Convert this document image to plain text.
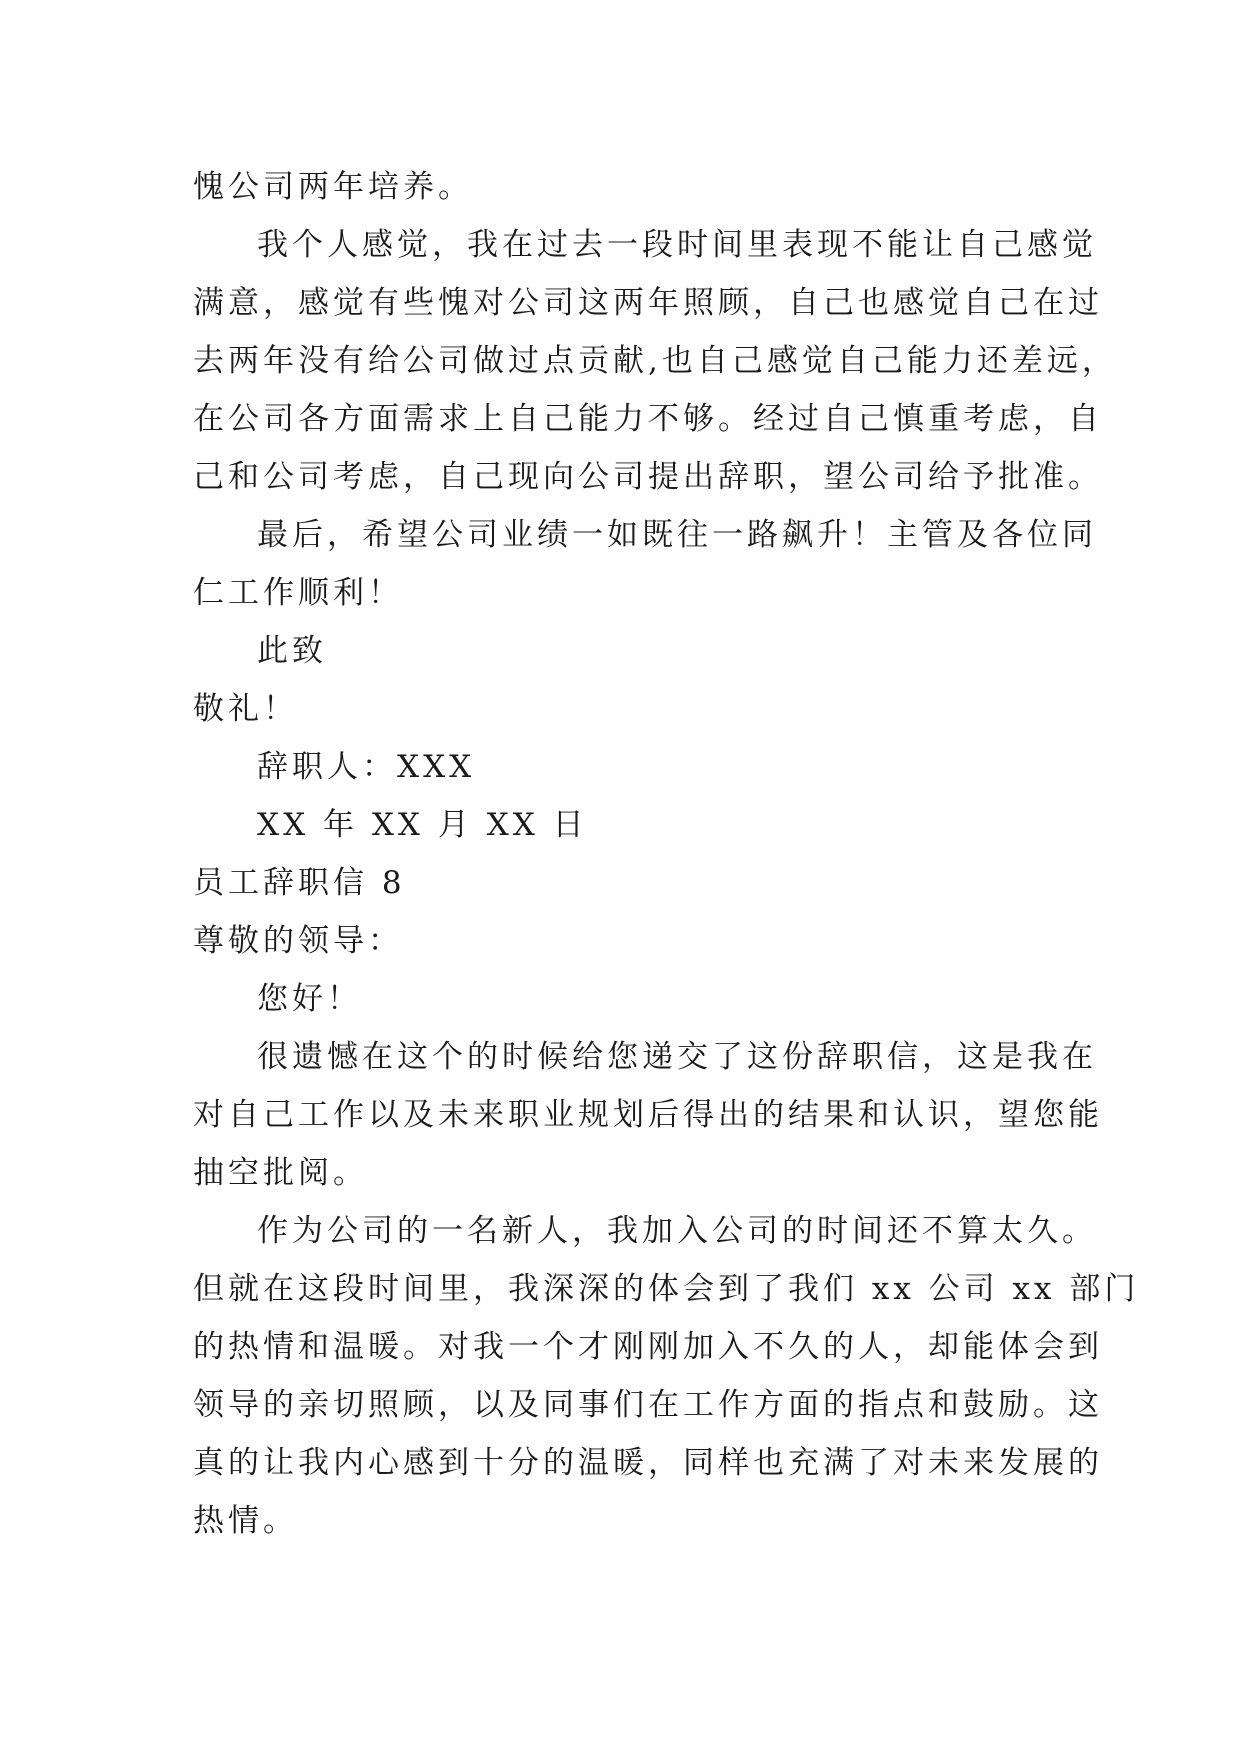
愧公司两年培养。
我个人感觉，我在过去一段时间里表现不能让自己感觉
满意，感觉有些愧对公司这两年照顾，自己也感觉自己在过
去两年没有给公司做过点贡献,也自己感觉自己能力还差远，
在公司各方面需求上自己能力不够。经过自己慎重考虑，自
己和公司考虑，自己现向公司提出辞职，望公司给予批准。
最后，希望公司业绩一如既往一路飙升！主管及各位同
仁工作顺利！
此致
敬礼！
辞职人：XXX
XX 年 XX 月 XX 日
员工辞职信 8
尊敬的领导：
您好！
很遗憾在这个的时候给您递交了这份辞职信，这是我在
对自己工作以及未来职业规划后得出的结果和认识，望您能
抽空批阅。
作为公司的一名新人，我加入公司的时间还不算太久。
但就在这段时间里，我深深的体会到了我们 xx 公司 xx 部门
的热情和温暖。对我一个才刚刚加入不久的人，却能体会到
领导的亲切照顾，以及同事们在工作方面的指点和鼓励。这
真的让我内心感到十分的温暖，同样也充满了对未来发展的
热情。
